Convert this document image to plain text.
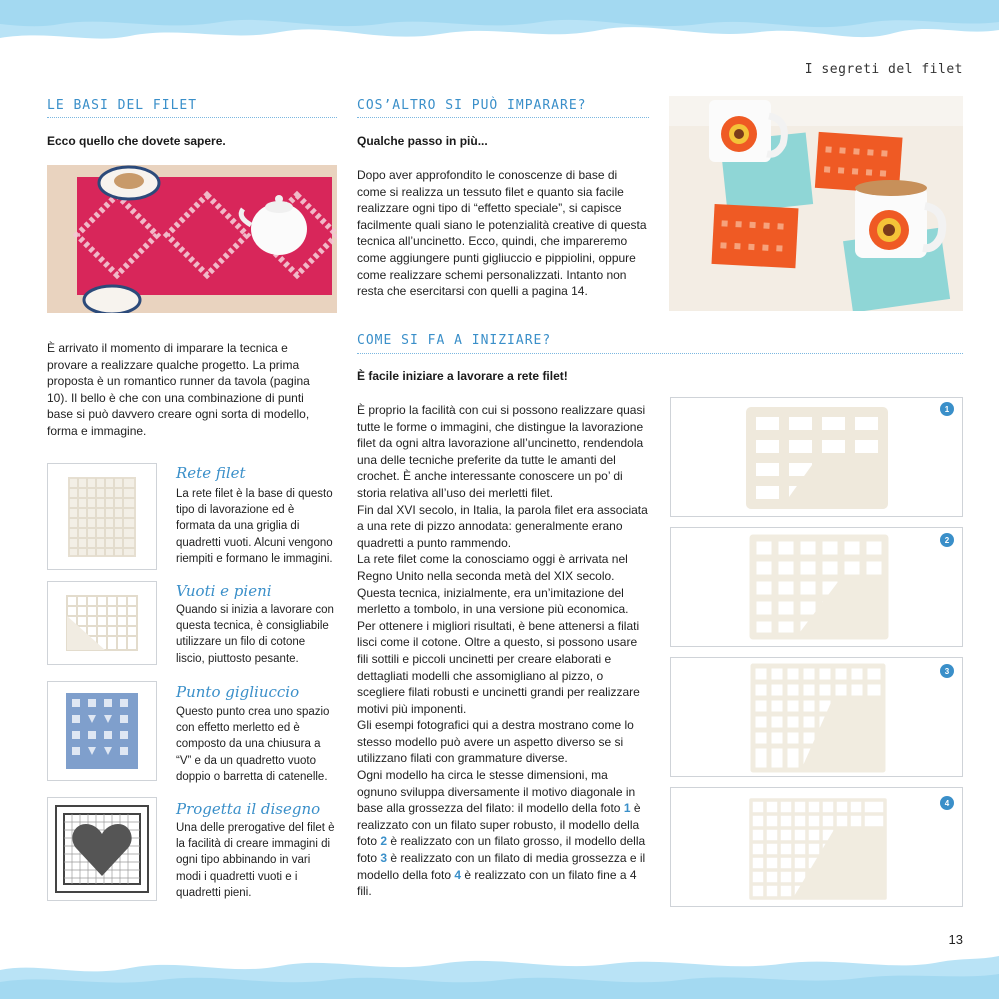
I segreti del filet
LE BASI DEL FILET
Ecco quello che dovete sapere.
È arrivato il momento di imparare la tecnica e provare a realizzare qualche progetto. La prima proposta è un romantico runner da tavola (pagina 10). Il bello è che con una combinazione di punti base si può davvero creare ogni sorta di modello, forma e immagine.
Rete filet
La rete filet è la base di questo tipo di lavorazione ed è formata da una griglia di quadretti vuoti. Alcuni vengono riempiti e formano le immagini.
Vuoti e pieni
Quando si inizia a lavorare con questa tecnica, è consigliabile utilizzare un filo di cotone liscio, piuttosto pesante.
Punto gigliuccio
Questo punto crea uno spazio con effetto merletto ed è composto da una chiusura a “V” e da un quadretto vuoto doppio o barretta di catenelle.
Progetta il disegno
Una delle prerogative del filet è la facilità di creare immagini di ogni tipo abbinando in vari modi i quadretti vuoti e i quadretti pieni.
COS’ALTRO SI PUÒ IMPARARE?
Qualche passo in più...
Dopo aver approfondito le conoscenze di base di come si realizza un tessuto filet e quanto sia facile realizzare ogni tipo di “effetto speciale”, si capisce facilmente quali siano le potenzialità creative di questa tecnica all’uncinetto. Ecco, quindi, che impareremo come aggiungere punti gigliuccio e pippiolini, oppure come realizzare schemi personalizzati. Intanto non resta che esercitarsi con quelli a pagina 14.
COME SI FA A INIZIARE?
È facile iniziare a lavorare a rete filet!
È proprio la facilità con cui si possono realizzare quasi tutte le forme o immagini, che distingue la lavorazione filet da ogni altra lavorazione all’uncinetto, rendendola una delle tecniche preferite da tutte le amanti del crochet. È anche interessante conoscere un po’ di storia relativa all’uso dei merletti filet.
Fin dal XVI secolo, in Italia, la parola filet era associata a una rete di pizzo annodata: generalmente erano quadretti a punto rammendo.
La rete filet come la conosciamo oggi è arrivata nel Regno Unito nella seconda metà del XIX secolo. Questa tecnica, inizialmente, era un’imitazione del merletto a tombolo, in una versione più economica. Per ottenere i migliori risultati, è bene attenersi a filati lisci come il cotone. Oltre a questo, si possono usare fili sottili e piccoli uncinetti per creare elaborati e dettagliati modelli che assomigliano al pizzo, o scegliere filati robusti e uncinetti grandi per realizzare motivi più imponenti.
Gli esempi fotografici qui a destra mostrano come lo stesso modello può avere un aspetto diverso se si utilizzano filati con grammature diverse.
Ogni modello ha circa le stesse dimensioni, ma ognuno sviluppa diversamente il motivo diagonale in base alla grossezza del filato: il modello della foto 1 è realizzato con un filato super robusto, il modello della foto 2 è realizzato con un filato grosso, il modello della foto 3 è realizzato con un filato di media grossezza e il modello della foto 4 è realizzato con un filato fine a 4 fili.
1
2
3
4
13
